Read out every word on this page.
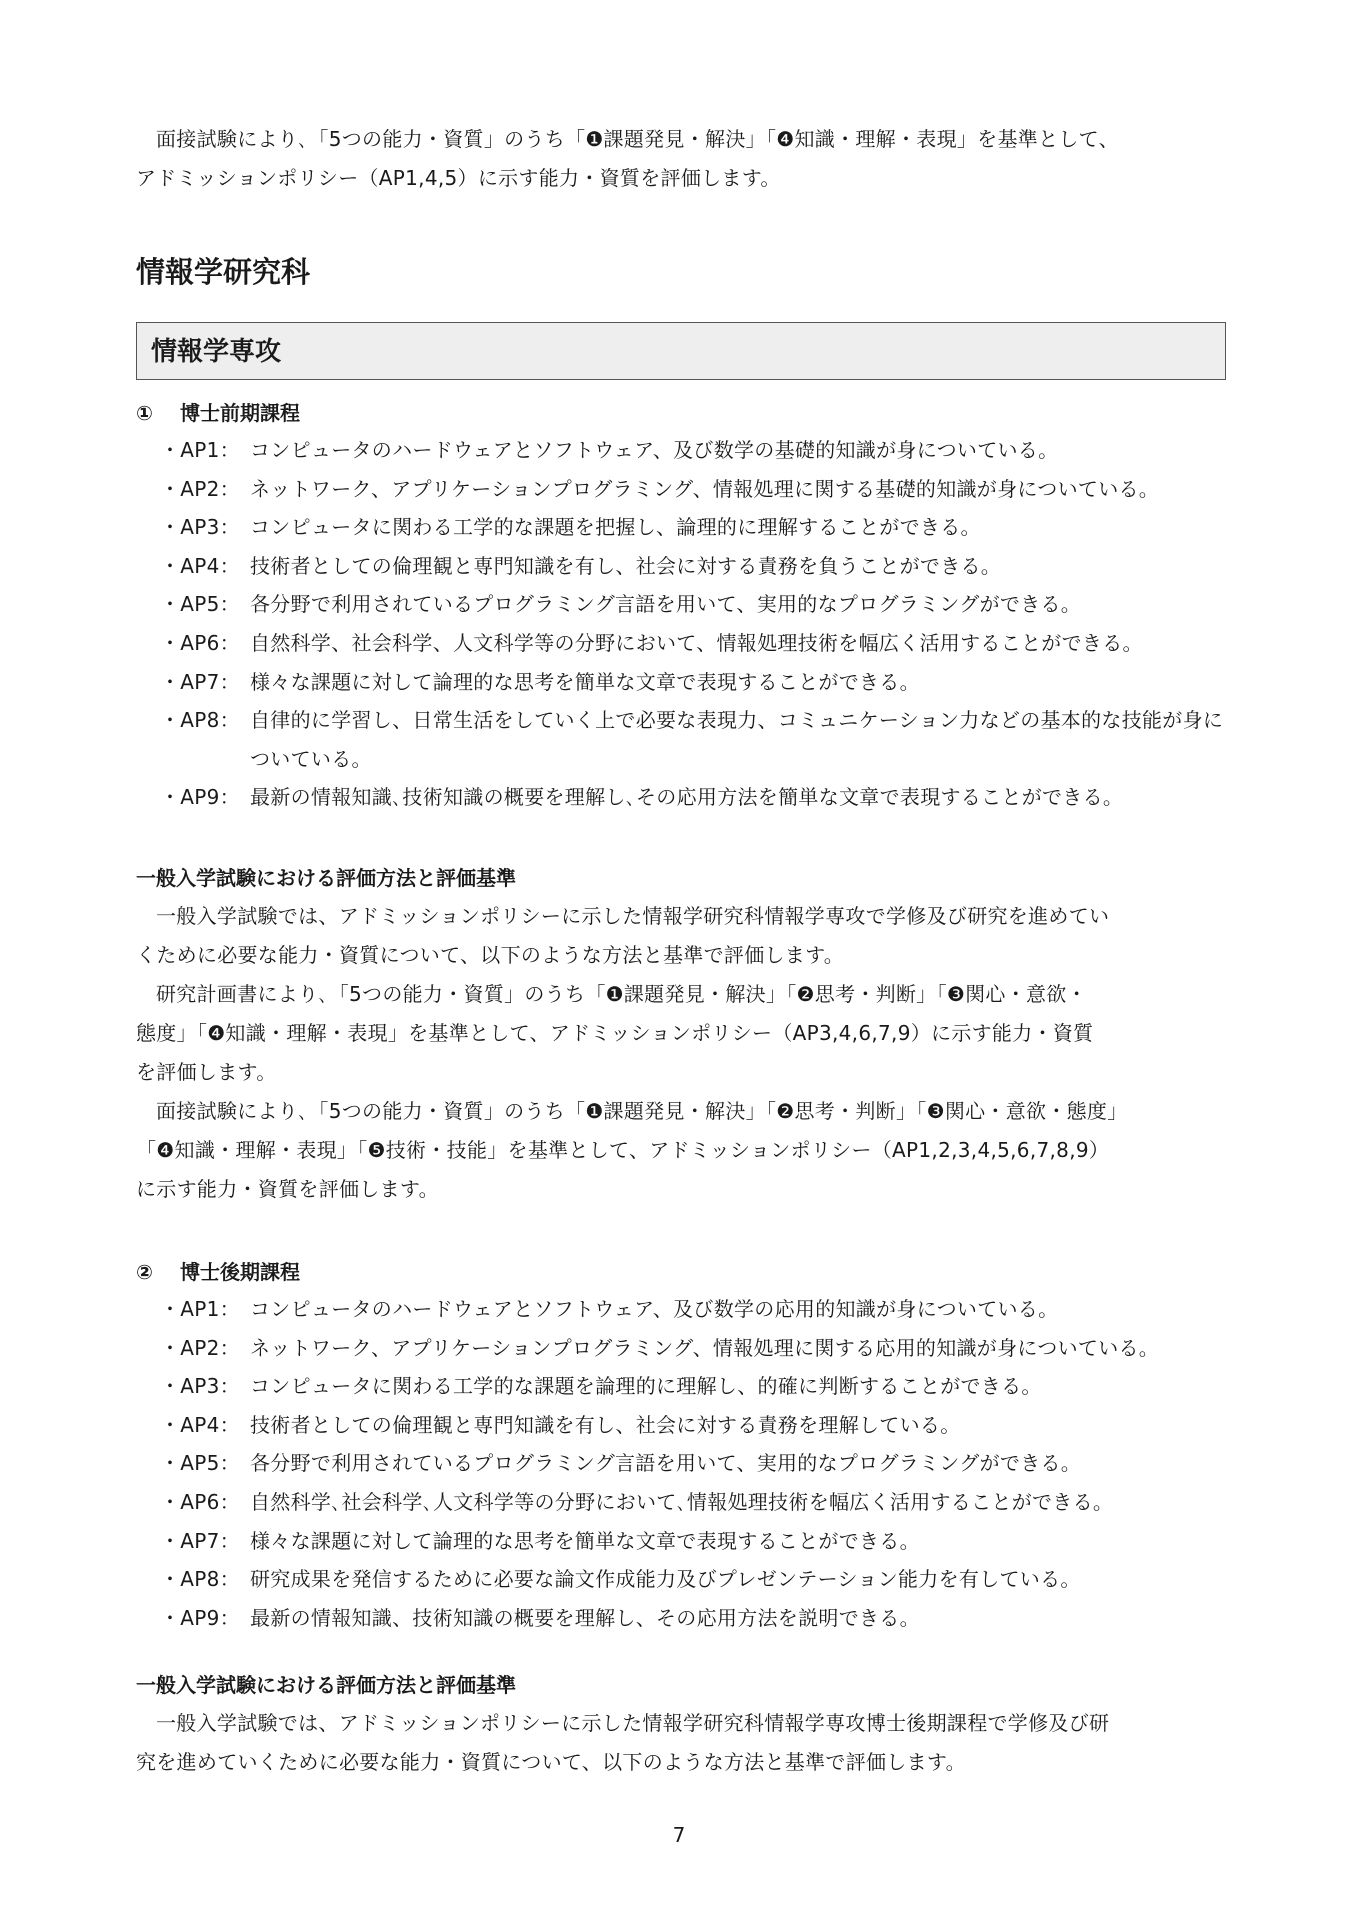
面接試験により､「5つの能力・資質」のうち「❶課題発見・解決」「❹知識・理解・表現」を基準として、
アドミッションポリシー（AP1,4,5）に示す能力・資質を評価します。

情報学研究科
情報学専攻
① 博士前期課程
・AP1： コンピュータのハードウェアとソフトウェア、及び数学の基礎的知識が身についている。
・AP2： ネットワーク、アプリケーションプログラミング、情報処理に関する基礎的知識が身についている。
・AP3： コンピュータに関わる工学的な課題を把握し、論理的に理解することができる。
・AP4： 技術者としての倫理観と専門知識を有し、社会に対する責務を負うことができる。
・AP5： 各分野で利用されているプログラミング言語を用いて、実用的なプログラミングができる。
・AP6： 自然科学、社会科学、人文科学等の分野において、情報処理技術を幅広く活用することができる。
・AP7： 様々な課題に対して論理的な思考を簡単な文章で表現することができる。
・AP8： 自律的に学習し、日常生活をしていく上で必要な表現力、コミュニケーション力などの基本的な技能が身についている。
・AP9： 最新の情報知識､技術知識の概要を理解し､その応用方法を簡単な文章で表現することができる。
一般入学試験における評価方法と評価基準

一般入学試験では、アドミッションポリシーに示した情報学研究科情報学専攻で学修及び研究を進めてい
くために必要な能力・資質について、以下のような方法と基準で評価します。

研究計画書により､「5つの能力・資質」のうち「❶課題発見・解決」「❷思考・判断」「❸関心・意欲・
態度」「❹知識・理解・表現」を基準として、アドミッションポリシー（AP3,4,6,7,9）に示す能力・資質
を評価します。

面接試験により､「5つの能力・資質」のうち「❶課題発見・解決」「❷思考・判断」「❸関心・意欲・態度」
「❹知識・理解・表現」「❺技術・技能」を基準として、アドミッションポリシー（AP1,2,3,4,5,6,7,8,9）
に示す能力・資質を評価します。

② 博士後期課程
・AP1： コンピュータのハードウェアとソフトウェア、及び数学の応用的知識が身についている。
・AP2： ネットワーク、アプリケーションプログラミング、情報処理に関する応用的知識が身についている。
・AP3： コンピュータに関わる工学的な課題を論理的に理解し、的確に判断することができる。
・AP4： 技術者としての倫理観と専門知識を有し、社会に対する責務を理解している。
・AP5： 各分野で利用されているプログラミング言語を用いて、実用的なプログラミングができる。
・AP6： 自然科学､社会科学､人文科学等の分野において､情報処理技術を幅広く活用することができる。
・AP7： 様々な課題に対して論理的な思考を簡単な文章で表現することができる。
・AP8： 研究成果を発信するために必要な論文作成能力及びプレゼンテーション能力を有している。
・AP9： 最新の情報知識、技術知識の概要を理解し、その応用方法を説明できる。
一般入学試験における評価方法と評価基準

一般入学試験では、アドミッションポリシーに示した情報学研究科情報学専攻博士後期課程で学修及び研
究を進めていくために必要な能力・資質について、以下のような方法と基準で評価します。

7
